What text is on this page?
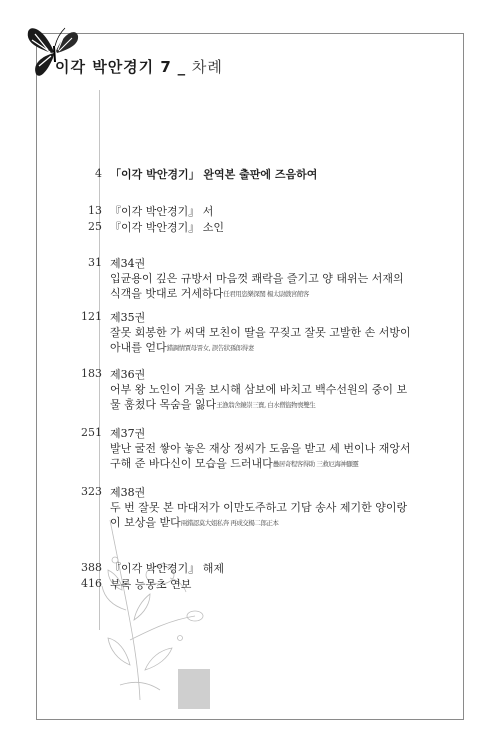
이각 박안경기 7 _ 차례
4 「이각 박안경기」 완역본 출판에 즈음하여
13 『이각 박안경기』 서
25 『이각 박안경기』 소인
31 제34권
입균용이 깊은 규방서 마음껏 쾌락을 즐기고 양 태위는 서재의
식객을 밧대로 거세하다任君用恣樂深閨 楊太尉戲宮館客
121 제35권
잘못 회봉한 가 씨댁 모친이 딸을 꾸짖고 잘못 고발한 손 서방이
아내를 얻다錯調情賈母詈女, 誤告狀孫郎得妻
183 제36권
어부 왕 노인이 거울 보시해 삼보에 바치고 백수선원의 중이 보
물 훔쳤다 목숨을 잃다王漁翁舍鏡崇三寶, 白水僧盜物喪雙生
251 제37권
발난 굴전 쌓아 놓은 재상 정씨가 도움을 받고 세 번이나 재앙서
구해 준 바다신이 모습을 드러내다疊居奇程客得助 三救厄海神顯靈
323 제38권
두 번 잘못 본 마대저가 이만도주하고 기담 송사 제기한 양이랑
이 보상을 받다兩錯認莫大姐私奔 再成交楊二郎正本
388 『이각 박안경기』 해제
416 부록 능몽초 연보
